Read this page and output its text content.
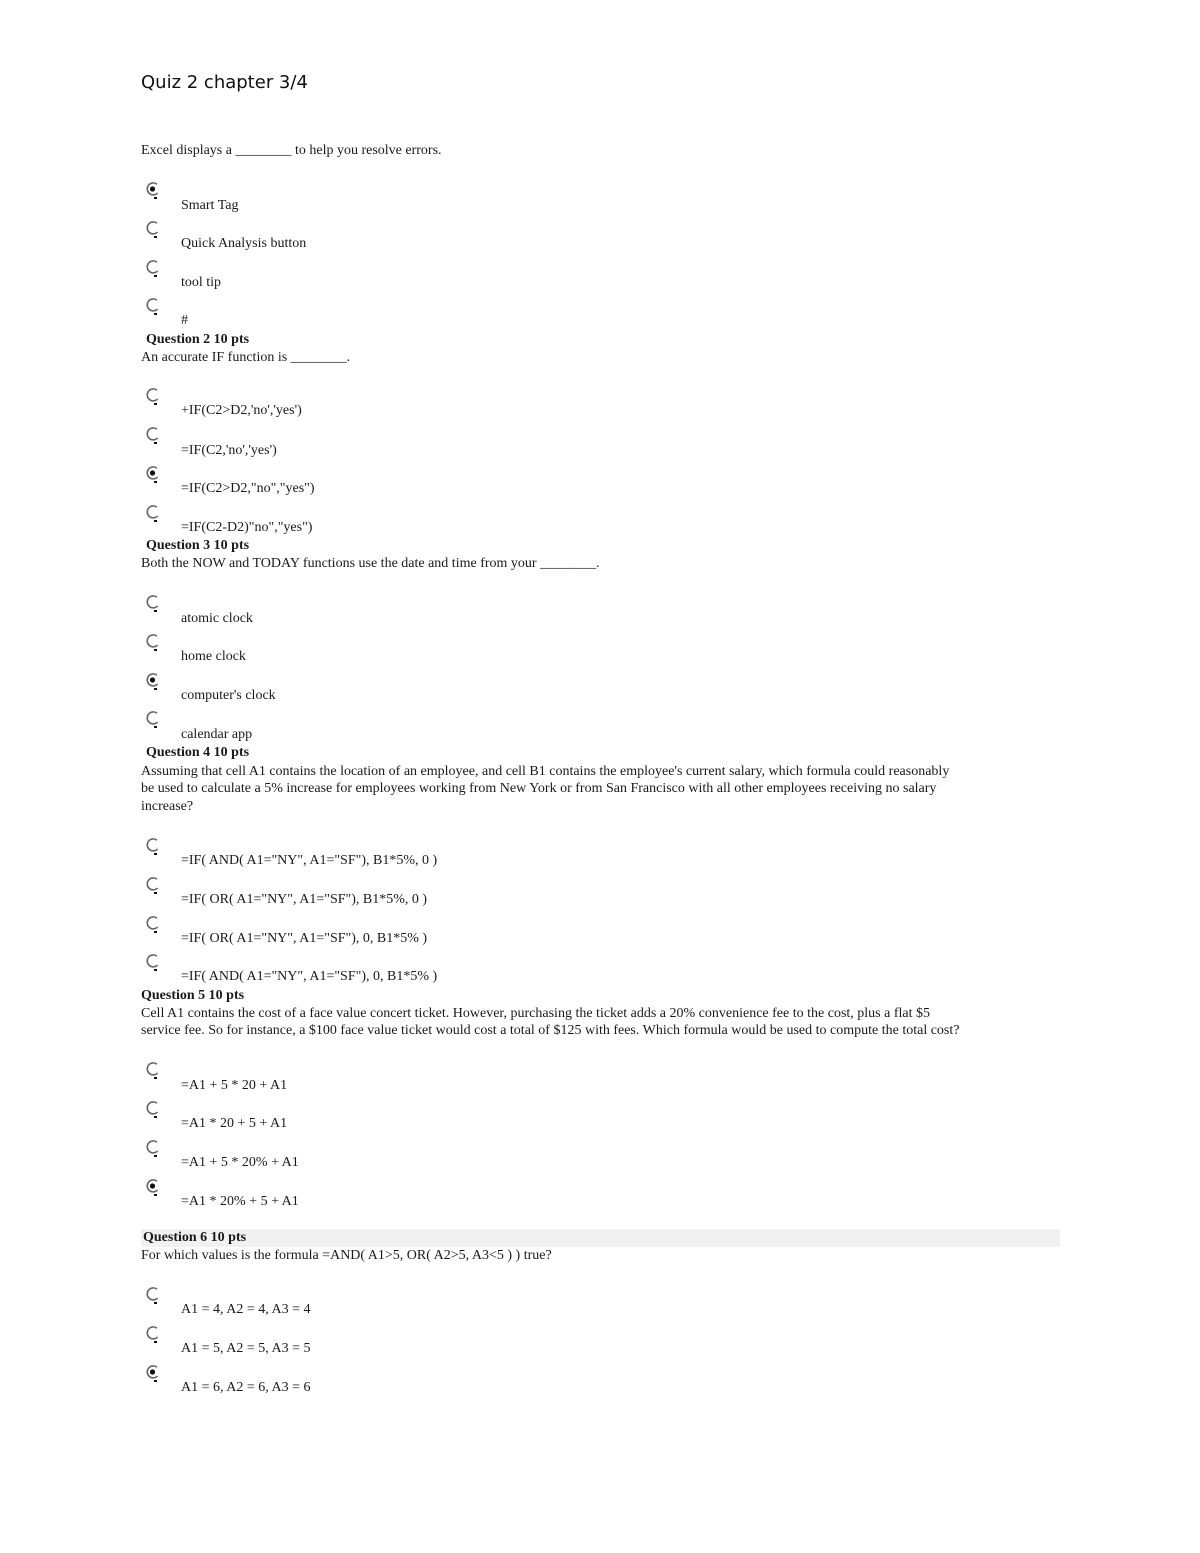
Quiz 2 chapter 3/4
Excel displays a ________ to help you resolve errors.
Smart Tag
Quick Analysis button
tool tip
#
Question 2 10 pts
An accurate IF function is ________.
+IF(C2>D2,'no','yes')
=IF(C2,'no','yes')
=IF(C2>D2,"no","yes")
=IF(C2-D2)"no","yes")
Question 3 10 pts
Both the NOW and TODAY functions use the date and time from your ________.
atomic clock
home clock
computer's clock
calendar app
Question 4 10 pts
Assuming that cell A1 contains the location of an employee, and cell B1 contains the employee's current salary, which formula could reasonably
be used to calculate a 5% increase for employees working from New York or from San Francisco with all other employees receiving no salary
increase?
=IF( AND( A1="NY", A1="SF"), B1*5%, 0 )
=IF( OR( A1="NY", A1="SF"), B1*5%, 0 )
=IF( OR( A1="NY", A1="SF"), 0, B1*5% )
=IF( AND( A1="NY", A1="SF"), 0, B1*5% )
Question 5 10 pts
Cell A1 contains the cost of a face value concert ticket. However, purchasing the ticket adds a 20% convenience fee to the cost, plus a flat $5
service fee. So for instance, a $100 face value ticket would cost a total of $125 with fees. Which formula would be used to compute the total cost?
=A1 + 5 * 20 + A1
=A1 * 20 + 5 + A1
=A1 + 5 * 20% + A1
=A1 * 20% + 5 + A1
Question 6 10 pts
For which values is the formula =AND( A1>5, OR( A2>5, A3<5 ) ) true?
A1 = 4, A2 = 4, A3 = 4
A1 = 5, A2 = 5, A3 = 5
A1 = 6, A2 = 6, A3 = 6
